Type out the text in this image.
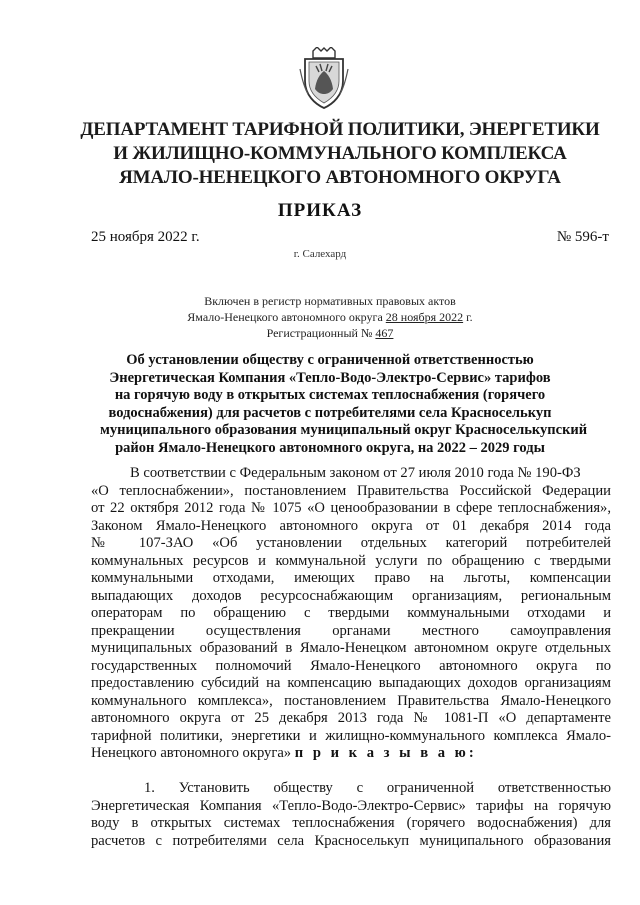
ДЕПАРТАМЕНТ ТАРИФНОЙ ПОЛИТИКИ, ЭНЕРГЕТИКИ
И ЖИЛИЩНО-КОММУНАЛЬНОГО КОМПЛЕКСА
ЯМАЛО-НЕНЕЦКОГО АВТОНОМНОГО ОКРУГА
ПРИКАЗ
25 ноября 2022 г.	№ 596-т
г. Салехард
Включен в регистр нормативных правовых актов
Ямало-Ненецкого автономного округа 28 ноября 2022 г.
Регистрационный № 467
Об установлении обществу с ограниченной ответственностью
Энергетическая Компания «Тепло-Водо-Электро-Сервис» тарифов
на горячую воду в открытых системах теплоснабжения (горячего
водоснабжения) для расчетов с потребителями села Красноселькуп
муниципального образования муниципальный округ Красноселькупский
район Ямало-Ненецкого автономного округа, на 2022 – 2029 годы
В соответствии с Федеральным законом от 27 июля 2010 года № 190-ФЗ
«О теплоснабжении», постановлением Правительства Российской Федерации
от 22 октября 2012 года № 1075 «О ценообразовании в сфере теплоснабжения»,
Законом Ямало-Ненецкого автономного округа от 01 декабря 2014 года
№ 107-ЗАО «Об установлении отдельных категорий потребителей
коммунальных ресурсов и коммунальной услуги по обращению с твердыми
коммунальными отходами, имеющих право на льготы, компенсации
выпадающих доходов ресурсоснабжающим организациям, региональным
операторам по обращению с твердыми коммунальными отходами и
прекращении осуществления органами местного самоуправления
муниципальных образований в Ямало-Ненецком автономном округе отдельных
государственных полномочий Ямало-Ненецкого автономного округа по
предоставлению субсидий на компенсацию выпадающих доходов организациям
коммунального комплекса», постановлением Правительства Ямало-Ненецкого
автономного округа от 25 декабря 2013 года № 1081-П «О департаменте
тарифной политики, энергетики и жилищно-коммунального комплекса Ямало-
Ненецкого автономного округа» п р и к а з ы в а ю:
1. Установить обществу с ограниченной ответственностью
Энергетическая Компания «Тепло-Водо-Электро-Сервис» тарифы на горячую
воду в открытых системах теплоснабжения (горячего водоснабжения) для
расчетов с потребителями села Красноселькуп муниципального образования
